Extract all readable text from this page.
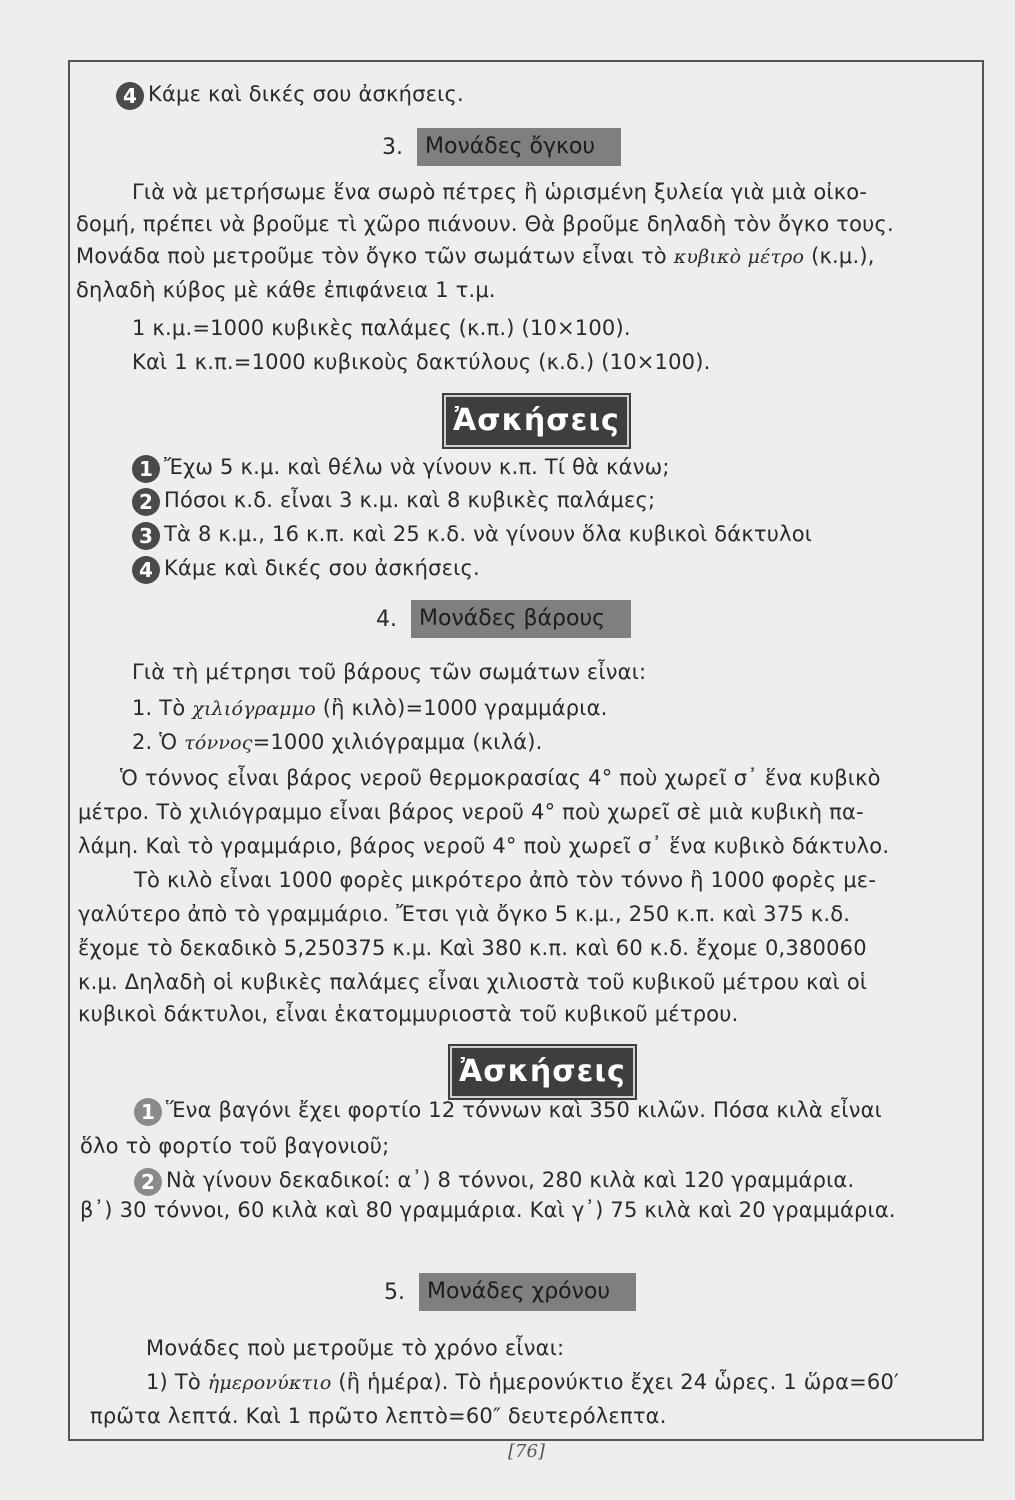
4 Κάμε καὶ δικές σου ἀσκήσεις.
3.	Μονάδες ὄγκου
Γιὰ νὰ μετρήσωμε ἕνα σωρὸ πέτρες ἢ ὡρισμένη ξυλεία γιὰ μιὰ οἰκο-
δομή, πρέπει νὰ βροῦμε τὶ χῶρο πιάνουν. Θὰ βροῦμε δηλαδὴ τὸν ὄγκο τους.
Μονάδα ποὺ μετροῦμε τὸν ὄγκο τῶν σωμάτων εἶναι τὸ κυβικὸ μέτρο (κ.μ.),
δηλαδὴ κύβος μὲ κάθε ἐπιφάνεια 1 τ.μ.
1 κ.μ.=1000 κυβικὲς παλάμες (κ.π.) (10×100).
Καὶ 1 κ.π.=1000 κυβικοὺς δακτύλους (κ.δ.) (10×100).
Ἀσκήσεις
1 Ἔχω 5 κ.μ. καὶ θέλω νὰ γίνουν κ.π. Τί θὰ κάνω;
2 Πόσοι κ.δ. εἶναι 3 κ.μ. καὶ 8 κυβικὲς παλάμες;
3 Τὰ 8 κ.μ., 16 κ.π. καὶ 25 κ.δ. νὰ γίνουν ὅλα κυβικοὶ δάκτυλοι
4 Κάμε καὶ δικές σου ἀσκήσεις.
4.	Μονάδες βάρους
Γιὰ τὴ μέτρησι τοῦ βάρους τῶν σωμάτων εἶναι:
1. Τὸ χιλιόγραμμο (ἢ κιλὸ)=1000 γραμμάρια.
2. Ὁ τόννος=1000 χιλιόγραμμα (κιλά).
Ὁ τόννος εἶναι βάρος νεροῦ θερμοκρασίας 4° ποὺ χωρεῖ σ᾽ ἕνα κυβικὸ
μέτρο. Τὸ χιλιόγραμμο εἶναι βάρος νεροῦ 4° ποὺ χωρεῖ σὲ μιὰ κυβικὴ πα-
λάμη. Καὶ τὸ γραμμάριο, βάρος νεροῦ 4° ποὺ χωρεῖ σ᾽ ἕνα κυβικὸ δάκτυλο.
Τὸ κιλὸ εἶναι 1000 φορὲς μικρότερο ἀπὸ τὸν τόννο ἢ 1000 φορὲς με-
γαλύτερο ἀπὸ τὸ γραμμάριο. Ἔτσι γιὰ ὄγκο 5 κ.μ., 250 κ.π. καὶ 375 κ.δ.
ἔχομε τὸ δεκαδικὸ 5,250375 κ.μ. Καὶ 380 κ.π. καὶ 60 κ.δ. ἔχομε 0,380060
κ.μ. Δηλαδὴ οἱ κυβικὲς παλάμες εἶναι χιλιοστὰ τοῦ κυβικοῦ μέτρου καὶ οἱ
κυβικοὶ δάκτυλοι, εἶναι ἑκατομμυριοστὰ τοῦ κυβικοῦ μέτρου.
Ἀσκήσεις
1 Ἕνα βαγόνι ἔχει φορτίο 12 τόννων καὶ 350 κιλῶν. Πόσα κιλὰ εἶναι
ὅλο τὸ φορτίο τοῦ βαγονιοῦ;
2 Νὰ γίνουν δεκαδικοί: α᾽) 8 τόννοι, 280 κιλὰ καὶ 120 γραμμάρια.
β᾽) 30 τόννοι, 60 κιλὰ καὶ 80 γραμμάρια. Καὶ γ᾽) 75 κιλὰ καὶ 20 γραμμάρια.
5.	Μονάδες χρόνου
Μονάδες ποὺ μετροῦμε τὸ χρόνο εἶναι:
1) Τὸ ἡμερονύκτιο (ἢ ἡμέρα). Τὸ ἡμερονύκτιο ἔχει 24 ὧρες. 1 ὥρα=60′
πρῶτα λεπτά. Καὶ 1 πρῶτο λεπτὸ=60″ δευτερόλεπτα.
[76]
